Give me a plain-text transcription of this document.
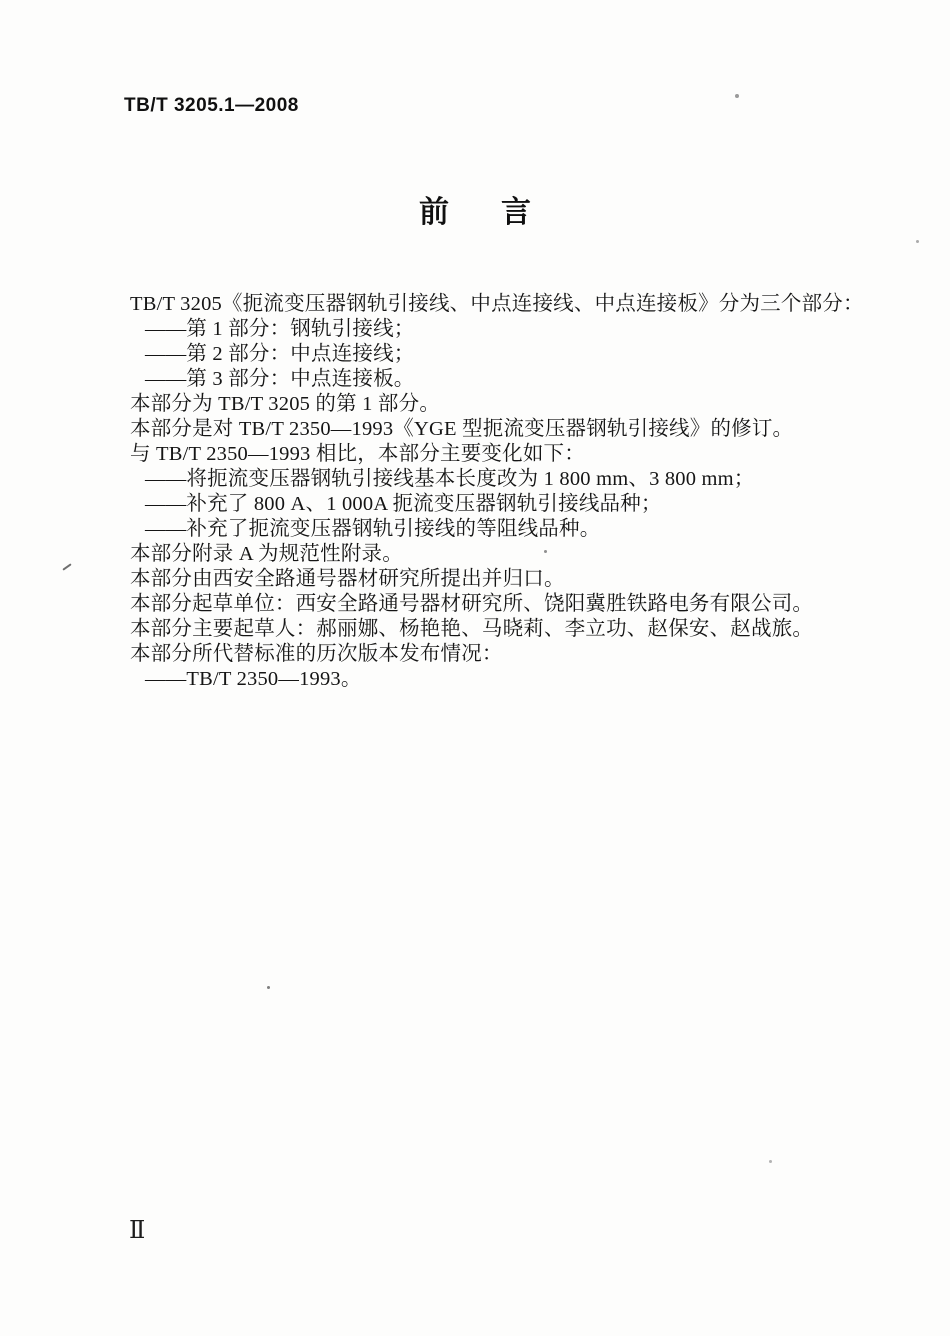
TB/T 3205.1—2008
前 言
TB/T 3205《扼流变压器钢轨引接线、中点连接线、中点连接板》分为三个部分：
——第 1 部分：钢轨引接线；
——第 2 部分：中点连接线；
——第 3 部分：中点连接板。
本部分为 TB/T 3205 的第 1 部分。
本部分是对 TB/T 2350—1993《YGE 型扼流变压器钢轨引接线》的修订。
与 TB/T 2350—1993 相比，本部分主要变化如下：
——将扼流变压器钢轨引接线基本长度改为 1 800 mm、3 800 mm；
——补充了 800 A、1 000A 扼流变压器钢轨引接线品种；
——补充了扼流变压器钢轨引接线的等阻线品种。
本部分附录 A 为规范性附录。
本部分由西安全路通号器材研究所提出并归口。
本部分起草单位：西安全路通号器材研究所、饶阳冀胜铁路电务有限公司。
本部分主要起草人：郝丽娜、杨艳艳、马晓莉、李立功、赵保安、赵战旅。
本部分所代替标准的历次版本发布情况：
——TB/T 2350—1993。
Ⅱ
